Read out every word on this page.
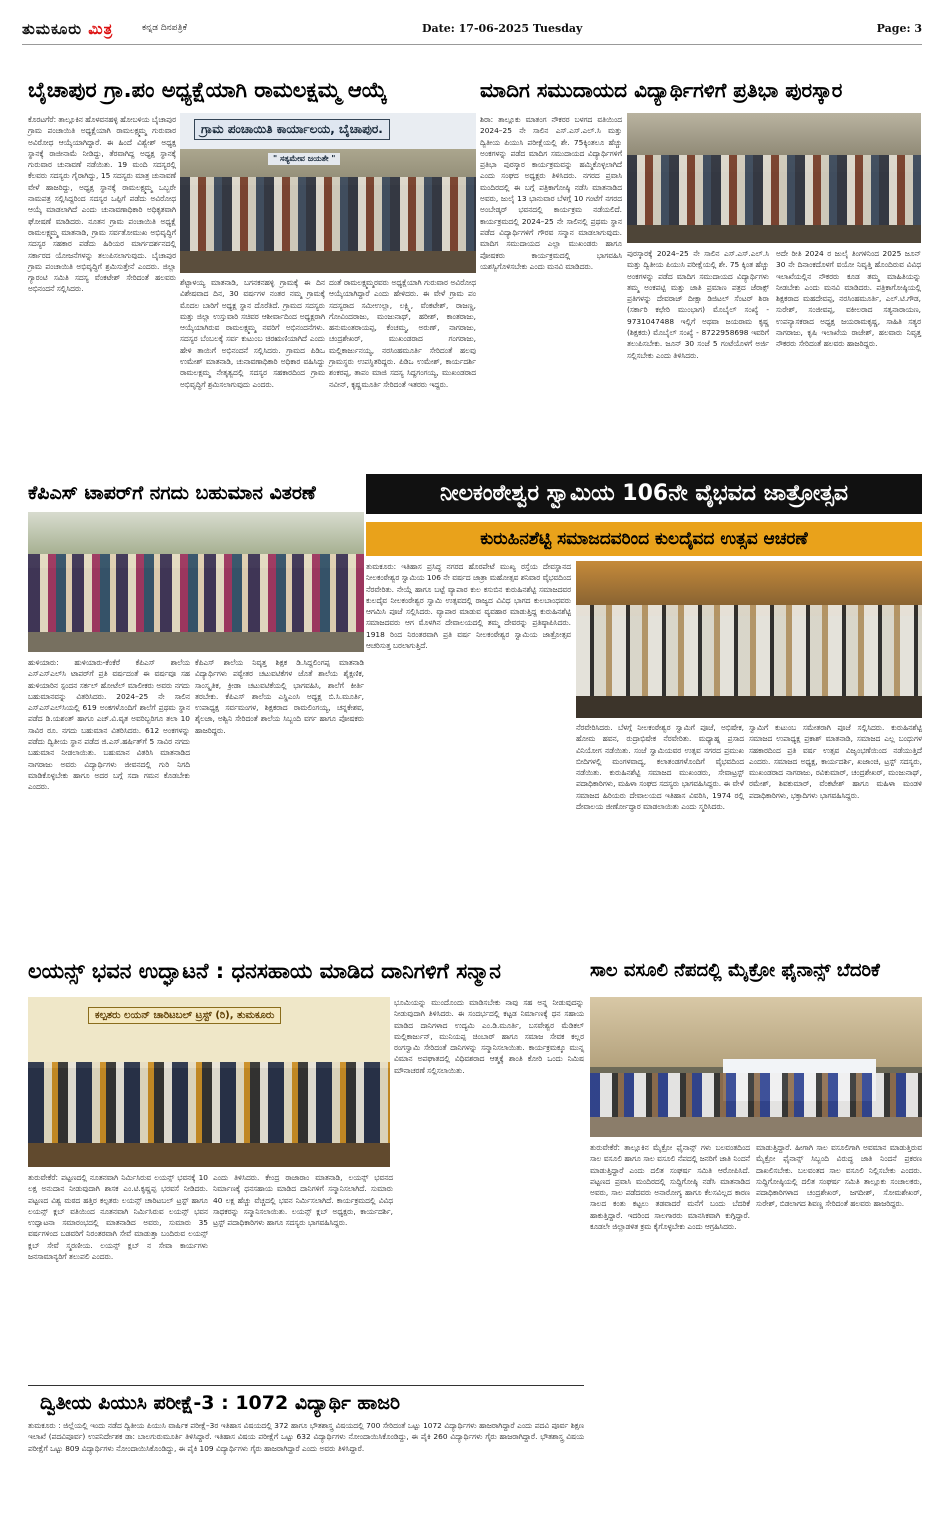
ತುಮಕೂರು ಮಿತ್ರ	ಕನ್ನಡ ದಿನಪತ್ರಿಕೆ	Date: 17-06-2025 Tuesday	Page: 3
ಬೈಚಾಪುರ ಗ್ರಾ.ಪಂ ಅಧ್ಯಕ್ಷೆಯಾಗಿ ರಾಮಲಕ್ಷಮ್ಮ ಆಯ್ಕೆ	ಮಾದಿಗ ಸಮುದಾಯದ ವಿದ್ಯಾರ್ಥಿಗಳಿಗೆ ಪ್ರತಿಭಾ ಪುರಸ್ಕಾರ
ಕೊರಟಗೆರೆ: ತಾಲ್ಲೂಕಿನ ಹೊಳವನಹಳ್ಳಿ ಹೋಬಳಿಯ ಬೈಚಾಪುರ ಗ್ರಾಮ ಪಂಚಾಯಿತಿ ಅಧ್ಯಕ್ಷೆಯಾಗಿ ರಾಮಲಕ್ಷ್ಮಮ್ಮ ಗುರುವಾರ ಅವಿರೋಧ ಆಯ್ಕೆಯಾಗಿದ್ದಾರೆ. ಈ ಹಿಂದೆ ವಿಶ್ವೇಶ್ ಅಧ್ಯಕ್ಷ ಸ್ಥಾನಕ್ಕೆ ರಾಜೀನಾಮೆ ನೀಡಿದ್ದು, ತೆರವಾಗಿದ್ದ ಅಧ್ಯಕ್ಷ ಸ್ಥಾನಕ್ಕೆ ಗುರುವಾರ ಚುನಾವಣೆ ನಡೆಯಿತು. 19 ಮಂದಿ ಸದಸ್ಯರಲ್ಲಿ ಕೆಲವರು ಸದಸ್ಯರು ಗೈರಾಗಿದ್ದು, 15 ಸದಸ್ಯರು ಮಾತ್ರ ಚುನಾವಣೆ ವೇಳೆ ಹಾಜರಿದ್ದು, ಅಧ್ಯಕ್ಷ ಸ್ಥಾನಕ್ಕೆ ರಾಮಲಕ್ಷ್ಮಮ್ಮ ಒಬ್ಬರೇ ನಾಮಪತ್ರ ಸಲ್ಲಿಸಿದ್ದರಿಂದ ಸದಸ್ಯರ ಒಪ್ಪಿಗೆ ಪಡೆದು ಅವಿರೋಧ ಆಯ್ಕೆ ಮಾಡಲಾಗಿದೆ ಎಂದು ಚುನಾವಣಾಧಿಕಾರಿ ಅಧಿಕೃತವಾಗಿ ಘೋಷಣೆ ಮಾಡಿದರು. ನೂತನ ಗ್ರಾಮ ಪಂಚಾಯಿತಿ ಅಧ್ಯಕ್ಷೆ ರಾಮಲಕ್ಷ್ಮಮ್ಮ ಮಾತನಾಡಿ, ಗ್ರಾಮ ಸರ್ವತೋಮುಖ ಅಭಿವೃದ್ಧಿಗೆ ಸದಸ್ಯರ ಸಹಕಾರ ಪಡೆದು ಹಿರಿಯರ ಮಾರ್ಗದರ್ಶನದಲ್ಲಿ ಸರ್ಕಾರದ ಯೋಜನೆಗಳನ್ನು ತಲುಪಿಸಲಾಗುವುದು. ಬೈಚಾಪುರ ಗ್ರಾಮ ಪಂಚಾಯಿತಿ ಅಭಿವೃದ್ಧಿಗೆ ಶ್ರಮಿಸುತ್ತೇನೆ ಎಂದರು. ಜಿಲ್ಲಾ ಗ್ಯಾರಂಟಿ ಸಮಿತಿ ಸದಸ್ಯ ವೆಂಕಟೇಶ್ ಸೇರಿದಂತೆ ಹಲವರು ಅಭಿನಂದನೆ ಸಲ್ಲಿಸಿದರು.
ಗ್ರಾಮ ಪಂಚಾಯಿತಿ ಕಾರ್ಯಾಲಯ, ಬೈಚಾಪುರ.
" ಸತ್ಯಮೇವ ಜಯತೇ "
ಶೆಟ್ಟಾಳಯ್ಯ ಮಾತನಾಡಿ, ಬಗನಕನಹಳ್ಳಿ ಗ್ರಾಮಕ್ಕೆ ಈ ದಿನ ವಿಶೇಷವಾದ ದಿನ, 30 ವರ್ಷಗಳ ನಂತರ ನಮ್ಮ ಗ್ರಾಮಕ್ಕೆ ಮೊದಲ ಬಾರಿಗೆ ಅಧ್ಯಕ್ಷ ಸ್ಥಾನ ದೊರೆತಿದೆ. ಗ್ರಾಮದ ಸದಸ್ಯರು ಮತ್ತು ಜಿಲ್ಲಾ ಉಸ್ತುವಾರಿ ಸಚಿವರ ಆಶೀರ್ವಾದಿಂದ ಅಧ್ಯಕ್ಷರಾಗಿ ಆಯ್ಕೆಯಾಗಿರುವ ರಾಮಲಕ್ಷ್ಮಮ್ಮ ನವರಿಗೆ ಅಭಿನಂದನೆಗಳು. ಸದಸ್ಯರ ಬೆಂಬಲಕ್ಕೆ ಸರ್ವ ಕುಟುಂಬ ಚಿರಋಣಿಯಾಗಿದೆ ಎಂದು ಹೇಳಿ ತಾಯಿಗೆ ಅಭಿನಂದನೆ ಸಲ್ಲಿಸಿದರು. ಗ್ರಾಮದ ಪಿಡಿಒ ಉಮೇಶ್ ಮಾತನಾಡಿ, ಚುನಾವಣಾಧಿಕಾರಿ ಅಧಿಕಾರ ವಹಿಸಿದ್ದು ರಾಮಲಕ್ಷಮ್ಮ ನೇತೃತ್ವದಲ್ಲಿ ಸದಸ್ಯರ ಸಹಕಾರದಿಂದ ಗ್ರಾಮ ಅಭಿವೃದ್ಧಿಗೆ ಶ್ರಮಿಸಲಾಗುವುದು ಎಂದರು.
ದಂತೆ ರಾಮಲಕ್ಷ್ಮಮ್ಮರವರು ಅಧ್ಯಕ್ಷೆಯಾಗಿ ಗುರುವಾರ ಅವಿರೋಧ ಆಯ್ಕೆಯಾಗಿದ್ದಾರೆ ಎಂದು ಹೇಳಿದರು. ಈ ವೇಳೆ ಗ್ರಾಮ ಪಂ ಸದಸ್ಯರಾದ ಸಮೀಉಲ್ಲಾ, ಲಕ್ಷ್ಮಿ, ವೆಂಕಟೇಶ್, ರಾಜಣ್ಣ, ಗೋವಿಂದರಾಜು, ಮಂಜುನಾಥ್, ಹರೀಶ್, ಕಾಂತರಾಜು, ಹನುಮಂತರಾಯಪ್ಪ, ಕೆಂಚಮ್ಮ, ಅರುಣ್, ನಾಗರಾಜು, ಚಂದ್ರಶೇಖರ್, ಮುಖಂಡರಾದ ಗಂಗರಾಜು, ಮಲ್ಲಿಕಾರ್ಜುನಯ್ಯ, ನರಸಿಂಹಮೂರ್ತಿ ಸೇರಿದಂತೆ ಹಲವು ಗ್ರಾಮಸ್ಥರು ಉಪಸ್ಥಿತರಿದ್ದರು. ಪಿಡಿಒ ಉಮೇಶ್, ಕಾರ್ಯದರ್ಶಿ ಶಂಕರಪ್ಪ, ತಾಪಂ ಮಾಜಿ ಸದಸ್ಯ ಸಿದ್ದಗಂಗಯ್ಯ, ಮುಖಂಡರಾದ ನವೀನ್, ಕೃಷ್ಣಮೂರ್ತಿ ಸೇರಿದಂತೆ ಇತರರು ಇದ್ದರು.
ಶಿರಾ: ತಾಲ್ಲೂಕು ಮಾತಂಗ ನೌಕರರ ಬಳಗದ ವತಿಯಿಂದ 2024–25 ನೇ ಸಾಲಿನ ಎಸ್.ಎಸ್.ಎಲ್.ಸಿ ಮತ್ತು ದ್ವಿತೀಯ ಪಿಯುಸಿ ಪರೀಕ್ಷೆಯಲ್ಲಿ ಶೇ. 75ಕ್ಕಿಂತಲೂ ಹೆಚ್ಚು ಅಂಕಗಳನ್ನು ಪಡೆದ ಮಾದಿಗ ಸಮುದಾಯದ ವಿದ್ಯಾರ್ಥಿಗಳಿಗೆ ಪ್ರತಿಭಾ ಪುರಸ್ಕಾರ ಕಾರ್ಯಕ್ರಮವನ್ನು ಹಮ್ಮಿಕೊಳ್ಳಲಾಗಿದೆ ಎಂದು ಸಂಘದ ಅಧ್ಯಕ್ಷರು ತಿಳಿಸಿದರು. ನಗರದ ಪ್ರವಾಸಿ ಮಂದಿರದಲ್ಲಿ ಈ ಬಗ್ಗೆ ಪತ್ರಿಕಾಗೋಷ್ಠಿ ನಡೆಸಿ ಮಾತನಾಡಿದ ಅವರು, ಜುಲೈ 13 ಭಾನುವಾರ ಬೆಳಗ್ಗೆ 10 ಗಂಟೆಗೆ ನಗರದ ಅಂಬೇಡ್ಕರ್ ಭವನದಲ್ಲಿ ಕಾರ್ಯಕ್ರಮ ನಡೆಯಲಿದೆ. ಕಾರ್ಯಕ್ರಮದಲ್ಲಿ 2024–25 ನೇ ಸಾಲಿನಲ್ಲಿ ಪ್ರಥಮ ಸ್ಥಾನ ಪಡೆದ ವಿದ್ಯಾರ್ಥಿಗಳಿಗೆ ಗೌರವ ಸನ್ಮಾನ ಮಾಡಲಾಗುವುದು. ಮಾದಿಗ ಸಮುದಾಯದ ಎಲ್ಲಾ ಮುಖಂಡರು ಹಾಗೂ ಪೋಷಕರು ಕಾರ್ಯಕ್ರಮದಲ್ಲಿ ಭಾಗವಹಿಸಿ ಯಶಸ್ವಿಗೊಳಿಸಬೇಕು ಎಂದು ಮನವಿ ಮಾಡಿದರು.
ಪುರಸ್ಕಾರಕ್ಕೆ 2024–25 ನೇ ಸಾಲಿನ ಎಸ್.ಎಸ್.ಎಲ್.ಸಿ ಮತ್ತು ದ್ವಿತೀಯ ಪಿಯುಸಿ ಪರೀಕ್ಷೆಯಲ್ಲಿ ಶೇ. 75 ಕ್ಕಿಂತ ಹೆಚ್ಚು ಅಂಕಗಳನ್ನು ಪಡೆದ ಮಾದಿಗ ಸಮುದಾಯದ ವಿದ್ಯಾರ್ಥಿಗಳು ತಮ್ಮ ಅಂಕಪಟ್ಟಿ ಮತ್ತು ಜಾತಿ ಪ್ರಮಾಣ ಪತ್ರದ ಜೆರಾಕ್ಸ್ ಪ್ರತಿಗಳನ್ನು ದೇವರಾಜ್ ದೀಕ್ಷಾ ಡಿಜಿಟಲ್ ಸೆಂಟರ್ ಶಿರಾ (ಸರ್ಕಾರಿ ಕಛೇರಿ ಮುಂಭಾಗ) ಮೊಬೈಲ್ ಸಂಖ್ಯೆ - 9731047488 ಇಲ್ಲಿಗೆ ಅಥವಾ ಜಯರಾಮ ಕೃಷ್ಣ (ಶಿಕ್ಷಕರು) ಮೊಬೈಲ್ ಸಂಖ್ಯೆ - 8722958698 ಇವರಿಗೆ ತಲುಪಿಸಬೇಕು. ಜೂನ್ 30 ಸಂಜೆ 5 ಗಂಟೆಯೊಳಗೆ ಅರ್ಜಿ ಸಲ್ಲಿಸಬೇಕು ಎಂದು ತಿಳಿಸಿದರು.
ಅದೇ ರೀತಿ 2024 ರ ಜುಲೈ ತಿಂಗಳಿನಿಂದ 2025 ಜೂನ್ 30 ನೇ ದಿನಾಂಕದೊಳಗೆ ವಯೋ ನಿವೃತ್ತಿ ಹೊಂದಿರುವ ವಿವಿಧ ಇಲಾಖೆಯಲ್ಲಿನ ನೌಕರರು ಕೂಡ ತಮ್ಮ ಮಾಹಿತಿಯನ್ನು ನೀಡಬೇಕು ಎಂದು ಮನವಿ ಮಾಡಿದರು. ಪತ್ರಿಕಾಗೋಷ್ಠಿಯಲ್ಲಿ ಶಿಕ್ಷಕರಾದ ಮಹದೇವಪ್ಪ, ನರಸಿಂಹಮೂರ್ತಿ, ಎಲ್.ಟಿ.ಗೌಡ, ಸುರೇಶ್, ಸಂಜೀವಪ್ಪ, ವಕೀಲರಾದ ಸತ್ಯನಾರಾಯಣ, ಉಪನ್ಯಾಸಕರಾದ ಅಧ್ಯಕ್ಷ ಜಯರಾಮಕೃಷ್ಣ, ಸಾಹಿತಿ ಸತ್ಯರ ನಾಗರಾಜು, ಕೃಷಿ ಇಲಾಖೆಯ ರಾಜೇಶ್, ಹಲವಾರು ನಿವೃತ್ತ ನೌಕರರು ಸೇರಿದಂತೆ ಹಲವರು ಹಾಜರಿದ್ದರು.
ಕೆಪಿಎಸ್ ಟಾಪರ್‌ಗೆ ನಗದು ಬಹುಮಾನ ವಿತರಣೆ	ನೀಲಕಂಠೇಶ್ವರ ಸ್ವಾಮಿಯ 106ನೇ ವೈಭವದ ಜಾತ್ರೋತ್ಸವ
ಕುರುಹಿನಶೆಟ್ಟಿ ಸಮಾಜದವರಿಂದ ಕುಲದೈವದ ಉತ್ಸವ ಆಚರಣೆ
ಹುಳಿಯಾರು: ಹುಳಿಯಾರು-ಕೆಂಕೆರೆ ಕೆಪಿಎಸ್ ಶಾಲೆಯ ಎಸ್ಎಸ್ಎಲ್‌ಸಿ ಟಾಪರ್‌ಗೆ ಪ್ರತಿ ವರ್ಷದಂತೆ ಈ ವರ್ಷವೂ ಸಹ ಹುಳಿಯಾರಿನ ಸ್ಪಂದನ ಸರ್ಕಲ್ ಹೋಟೆಲ್ ಮಾಲೀಕರು ಅವರು ನಗದು ಬಹುಮಾನವನ್ನು ವಿತರಿಸಿದರು. 2024–25 ನೇ ಸಾಲಿನ ಎಸ್ಎಸ್ಎಲ್‌ಸಿಯಲ್ಲಿ 619 ಅಂಕಗಳೊಂದಿಗೆ ಶಾಲೆಗೆ ಪ್ರಥಮ ಸ್ಥಾನ ಪಡೆದ ಡಿ.ಯಶಂತ್ ಹಾಗೂ ಎಚ್.ವಿ.ವೃತ ಅವರಿಬ್ಬರಿಗೂ ತಲಾ 10 ಸಾವಿರ ರೂ. ನಗದು ಬಹುಮಾನ ವಿತರಿಸಿದರು. 612 ಅಂಕಗಳನ್ನು ಪಡೆದು ದ್ವಿತೀಯ ಸ್ಥಾನ ಪಡೆದ ಜಿ.ಎಸ್.ಹರ್ಷಿತ್‌ಗೆ 5 ಸಾವಿರ ನಗದು ಬಹುಮಾನ ನೀಡಲಾಯಿತು. ಬಹುಮಾನ ವಿತರಿಸಿ ಮಾತನಾಡಿದ ನಾಗರಾಜು ಅವರು ವಿದ್ಯಾರ್ಥಿಗಳು ಜೀವನದಲ್ಲಿ ಗುರಿ ನಿಗದಿ ಮಾಡಿಕೊಳ್ಳಬೇಕು ಹಾಗೂ ಅದರ ಬಗ್ಗೆ ಸದಾ ಗಮನ ಕೊಡಬೇಕು ಎಂದರು.
ಕೆಪಿಎಸ್ ಶಾಲೆಯ ನಿವೃತ್ತ ಶಿಕ್ಷಕ ಡಿ.ಸಿದ್ದಲಿಂಗಪ್ಪ ಮಾತನಾಡಿ ವಿದ್ಯಾರ್ಥಿಗಳು ಪಠ್ಯೇತರ ಚಟುವಟಿಕೆಗಳ ಜೊತೆ ಶಾಲೆಯ ಶೈಕ್ಷಣಿಕ, ಸಾಂಸ್ಕೃತಿಕ, ಕ್ರೀಡಾ ಚಟುವಟಿಕೆಯಲ್ಲಿ ಭಾಗವಹಿಸಿ, ಶಾಲೆಗೆ ಕೀರ್ತಿ ತರಬೇಕು. ಕೆಪಿಎಸ್ ಶಾಲೆಯ ಎಸ್ಡಿಎಂಸಿ ಅಧ್ಯಕ್ಷ ಬಿ.ಸಿ.ಮೂರ್ತಿ, ಉಪಾಧ್ಯಕ್ಷ ಸರ್ವಮಂಗಳ, ಶಿಕ್ಷಕರಾದ ರಾಮಲಿಂಗಯ್ಯ, ಚನ್ನಕೇಶವ, ಶೈಲಜಾ, ಅಶ್ವಿನಿ ಸೇರಿದಂತೆ ಶಾಲೆಯ ಸಿಬ್ಬಂದಿ ವರ್ಗ ಹಾಗೂ ಪೋಷಕರು ಹಾಜರಿದ್ದರು.
ತುಮಕೂರು: ಇತಿಹಾಸ ಪ್ರಸಿದ್ಧ ನಗರದ ಹೊರಪೇಟೆ ಮುಖ್ಯ ರಸ್ತೆಯ ದೇವಸ್ಥಾನದ ನೀಲಕಂಠೇಶ್ವರ ಸ್ವಾಮಿಯ 106 ನೇ ವರ್ಷದ ಜಾತ್ರಾ ಮಹೋತ್ಸವ ಶನಿವಾರ ವೈಭವದಿಂದ ನೆರವೇರಿತು. ನೇಯ್ಗೆ ಹಾಗೂ ಬಟ್ಟೆ ವ್ಯಾಪಾರ ಕುಲ ಕಸುಬಿನ ಕುರುಹಿನಶೆಟ್ಟಿ ಸಮಾಜದವರ ಕುಲದೈವ ನೀಲಕಂಠೇಶ್ವರ ಸ್ವಾಮಿ ಉತ್ಸವದಲ್ಲಿ ರಾಜ್ಯದ ವಿವಿಧ ಭಾಗದ ಕುಲಬಾಂಧವರು ಆಗಮಿಸಿ ಪೂಜೆ ಸಲ್ಲಿಸಿದರು. ವ್ಯಾಪಾರ ಮಾಡುವ ವ್ಯವಹಾರ ಮಾಡುತ್ತಿದ್ದ ಕುರುಹಿನಶೆಟ್ಟಿ ಸಮಾಜದವರು ಆಗ ಮೊಳಗಿನ ದೇವಾಲಯದಲ್ಲಿ ತಮ್ಮ ದೇವರನ್ನು ಪ್ರತಿಷ್ಠಾಪಿಸಿದರು. 1918 ರಿಂದ ನಿರಂತರವಾಗಿ ಪ್ರತಿ ವರ್ಷ ನೀಲಕಂಠೇಶ್ವರ ಸ್ವಾಮಿಯ ಜಾತ್ರೋತ್ಸವ ಆಚರಿಸುತ್ತ ಬರಲಾಗುತ್ತಿದೆ.
ನೆರವೇರಿಸಿದರು. ಬೆಳಗ್ಗೆ ನೀಲಕಂಠೇಶ್ವರ ಸ್ವಾಮಿಗೆ ಪೂಜೆ, ಅಭಿಷೇಕ, ಹೋಮ ಹವನ, ರುದ್ರಾಭಿಷೇಕ ನೆರವೇರಿತು. ಮಧ್ಯಾಹ್ನ ಪ್ರಸಾದ ವಿನಿಯೋಗ ನಡೆಯಿತು. ಸಂಜೆ ಸ್ವಾಮಿಯವರ ಉತ್ಸವ ನಗರದ ಪ್ರಮುಖ ಬೀದಿಗಳಲ್ಲಿ ಮಂಗಳವಾದ್ಯ, ಕಲಾತಂಡಗಳೊಂದಿಗೆ ವೈಭವದಿಂದ ನಡೆಯಿತು. ಕುರುಹಿನಶೆಟ್ಟಿ ಸಮಾಜದ ಮುಖಂಡರು, ಸೇವಾಟ್ರಸ್ಟ್ ಪದಾಧಿಕಾರಿಗಳು, ಮಹಿಳಾ ಸಂಘದ ಸದಸ್ಯರು ಭಾಗವಹಿಸಿದ್ದರು. ಈ ವೇಳೆ ಸಮಾಜದ ಹಿರಿಯರು ದೇವಾಲಯದ ಇತಿಹಾಸ ವಿವರಿಸಿ, 1974 ರಲ್ಲಿ ದೇವಾಲಯ ಜೀರ್ಣೋದ್ಧಾರ ಮಾಡಲಾಯಿತು ಎಂದು ಸ್ಮರಿಸಿದರು.
ಸ್ವಾಮಿಗೆ ಕುಟುಂಬ ಸಮೇತರಾಗಿ ಪೂಜೆ ಸಲ್ಲಿಸಿದರು. ಕುರುಹಿನಶೆಟ್ಟಿ ಸಮಾಜದ ಉಪಾಧ್ಯಕ್ಷ ಪ್ರಕಾಶ್ ಮಾತನಾಡಿ, ಸಮಾಜದ ಎಲ್ಲ ಬಂಧುಗಳ ಸಹಕಾರದಿಂದ ಪ್ರತಿ ವರ್ಷ ಉತ್ಸವ ವಿಜೃಂಭಣೆಯಿಂದ ನಡೆಯುತ್ತಿದೆ ಎಂದರು. ಸಮಾಜದ ಅಧ್ಯಕ್ಷ, ಕಾರ್ಯದರ್ಶಿ, ಖಜಾಂಚಿ, ಟ್ರಸ್ಟ್ ಸದಸ್ಯರು, ಮುಖಂಡರಾದ ನಾಗರಾಜು, ರವಿಕುಮಾರ್, ಚಂದ್ರಶೇಖರ್, ಮಂಜುನಾಥ್, ರಮೇಶ್, ಶಿವಕುಮಾರ್, ವೆಂಕಟೇಶ್ ಹಾಗೂ ಮಹಿಳಾ ಮಂಡಳಿ ಪದಾಧಿಕಾರಿಗಳು, ಭಕ್ತಾದಿಗಳು ಭಾಗವಹಿಸಿದ್ದರು.
ಲಯನ್ಸ್ ಭವನ ಉದ್ಘಾಟನೆ : ಧನಸಹಾಯ ಮಾಡಿದ ದಾನಿಗಳಿಗೆ ಸನ್ಮಾನ	ಸಾಲ ವಸೂಲಿ ನೆಪದಲ್ಲಿ ಮೈಕ್ರೋ ಫೈನಾನ್ಸ್ ಬೆದರಿಕೆ
ಕಲ್ಪತರು ಲಯನ್ ಚಾರಿಟಬಲ್ ಟ್ರಸ್ಟ್ (ರಿ), ತುಮಕೂರು
ಭೂಮಿಯನ್ನು ಮುಂದೊಂದು ಮಾಡಿಸಬೇಕು ನಾವು ಸಹ ಅನ್ನ ನೀಡುವುದನ್ನು ನೀಡುವುದಾಗಿ ತಿಳಿಸಿದರು. ಈ ಸಂದರ್ಭದಲ್ಲಿ ಕಟ್ಟಡ ನಿರ್ಮಾಣಕ್ಕೆ ಧನ ಸಹಾಯ ಮಾಡಿದ ದಾನಿಗಳಾದ ಉದ್ಯಮಿ ಎಂ.ಡಿ.ಮೂರ್ತಿ, ಬಸವೇಶ್ವರ ಮೆಡಿಕಲ್ ಮಲ್ಲಿಕಾರ್ಜುನ್, ಮುನಿಯಪ್ಪ ಚಿಂಬಾರ್ ಹಾಗೂ ಸಮಾಜ ಸೇವಕ ಕಲ್ಲರ ರಂಗಸ್ವಾಮಿ ಸೇರಿದಂತೆ ದಾನಿಗಳನ್ನು ಸನ್ಮಾನಿಸಲಾಯಿತು. ಕಾರ್ಯಕ್ರಮಕ್ಕೂ ಮುನ್ನ ವಿಮಾನ ಅಪಘಾತದಲ್ಲಿ ವಿಧಿವಶರಾದ ಆತ್ಮಕ್ಕೆ ಶಾಂತಿ ಕೋರಿ ಒಂದು ನಿಮಿಷ ಮೌನಾಚರಣೆ ಸಲ್ಲಿಸಲಾಯಿತು.
ತುರುವೇಕೆರೆ: ಪಟ್ಟಣದಲ್ಲಿ ನೂತನವಾಗಿ ನಿರ್ಮಿಸಿರುವ ಲಯನ್ಸ್ ಭವನಕ್ಕೆ 10 ಲಕ್ಷ ಅನುದಾನ ನೀಡುವುದಾಗಿ ಶಾಸಕ ಎಂ.ಟಿ.ಕೃಷ್ಣಪ್ಪ ಭರವಸೆ ನೀಡಿದರು. ಪಟ್ಟಣದ ವಿಶ್ವ ಮಠದ ಹತ್ತಿರ ಕಲ್ಪತರು ಲಯನ್ಸ್ ಚಾರಿಟಬಲ್ ಟ್ರಸ್ಟ್ ಹಾಗೂ ಲಯನ್ಸ್ ಕ್ಲಬ್ ವತಿಯಿಂದ ನೂತನವಾಗಿ ನಿರ್ಮಿಸಿರುವ ಲಯನ್ಸ್ ಭವನ ಉದ್ಘಾಟನಾ ಸಮಾರಂಭದಲ್ಲಿ ಮಾತನಾಡಿದ ಅವರು, ಸುಮಾರು 35 ವರ್ಷಗಳಿಂದ ಬಡವರಿಗೆ ನಿರಂತರವಾಗಿ ಸೇವೆ ಮಾಡುತ್ತಾ ಬಂದಿರುವ ಲಯನ್ಸ್ ಕ್ಲಬ್ ಸೇವೆ ಸ್ಮರಣೀಯ. ಲಯನ್ಸ್ ಕ್ಲಬ್ ನ ಸೇವಾ ಕಾರ್ಯಗಳು ಜನಸಾಮಾನ್ಯರಿಗೆ ತಲುಪಲಿ ಎಂದರು.
ಎಂದು ತಿಳಿಸಿದರು. ಕೇಂದ್ರ ರಾಜಾರಾಂ ಮಾತನಾಡಿ, ಲಯನ್ಸ್ ಭವನದ ನಿರ್ಮಾಣಕ್ಕೆ ಧನಸಹಾಯ ಮಾಡಿದ ದಾನಿಗಳಿಗೆ ಸನ್ಮಾನಿಸಲಾಗಿದೆ. ಸುಮಾರು 40 ಲಕ್ಷ ಹೆಚ್ಚು ವೆಚ್ಚದಲ್ಲಿ ಭವನ ನಿರ್ಮಿಸಲಾಗಿದೆ. ಕಾರ್ಯಕ್ರಮದಲ್ಲಿ ವಿವಿಧ ಸಾಧಕರನ್ನು ಸನ್ಮಾನಿಸಲಾಯಿತು. ಲಯನ್ಸ್ ಕ್ಲಬ್ ಅಧ್ಯಕ್ಷರು, ಕಾರ್ಯದರ್ಶಿ, ಟ್ರಸ್ಟ್ ಪದಾಧಿಕಾರಿಗಳು ಹಾಗೂ ಸದಸ್ಯರು ಭಾಗವಹಿಸಿದ್ದರು.
ತುರುವೇಕೆರೆ: ತಾಲ್ಲೂಕಿನ ಮೈಕ್ರೋ ಫೈನಾನ್ಸ್ ಗಳು ಬಲವಂತದಿಂದ ಸಾಲ ವಸೂಲಿ ಹಾಗೂ ಸಾಲ ವಸೂಲಿ ನೆಪದಲ್ಲಿ ಜನರಿಗೆ ಜಾತಿ ನಿಂದನೆ ಮಾಡುತ್ತಿದ್ದಾರೆ ಎಂದು ದಲಿತ ಸಂಘರ್ಷ ಸಮಿತಿ ಆರೋಪಿಸಿದೆ. ಪಟ್ಟಣದ ಪ್ರವಾಸಿ ಮಂದಿರದಲ್ಲಿ ಸುದ್ದಿಗೋಷ್ಠಿ ನಡೆಸಿ ಮಾತನಾಡಿದ ಅವರು, ಸಾಲ ಪಡೆದವರು ಅನಾರೋಗ್ಯ ಹಾಗೂ ಕೆಲಸವಿಲ್ಲದ ಕಾರಣ ಸಾಲದ ಕಂತು ಕಟ್ಟಲು ತಡವಾದರೆ ಮನೆಗೆ ಬಂದು ಬೆದರಿಕೆ ಹಾಕುತ್ತಿದ್ದಾರೆ. ಇದರಿಂದ ಸಾಲಗಾರರು ಮಾನಸಿಕವಾಗಿ ಕುಗ್ಗಿದ್ದಾರೆ. ಕೂಡಲೇ ಜಿಲ್ಲಾಡಳಿತ ಕ್ರಮ ಕೈಗೊಳ್ಳಬೇಕು ಎಂದು ಆಗ್ರಹಿಸಿದರು.
ಮಾಡುತ್ತಿದ್ದಾರೆ. ಹೀಗಾಗಿ ಸಾಲ ವಸೂಲಿಗಾಗಿ ಅವಮಾನ ಮಾಡುತ್ತಿರುವ ಮೈಕ್ರೋ ಫೈನಾನ್ಸ್ ಸಿಬ್ಬಂದಿ ವಿರುದ್ಧ ಜಾತಿ ನಿಂದನೆ ಪ್ರಕರಣ ದಾಖಲಿಸಬೇಕು. ಬಲವಂತದ ಸಾಲ ವಸೂಲಿ ನಿಲ್ಲಿಸಬೇಕು ಎಂದರು. ಸುದ್ದಿಗೋಷ್ಠಿಯಲ್ಲಿ ದಲಿತ ಸಂಘರ್ಷ ಸಮಿತಿ ತಾಲ್ಲೂಕು ಸಂಚಾಲಕರು, ಪದಾಧಿಕಾರಿಗಳಾದ ಚಂದ್ರಶೇಖರ್, ಜಗದೀಶ್, ಸೋಮಶೇಖರ್, ಸುರೇಶ್, ಬಿಡಲಾಗದ ಶಿವಣ್ಣ ಸೇರಿದಂತೆ ಹಲವರು ಹಾಜರಿದ್ದರು.
ದ್ವಿತೀಯ ಪಿಯುಸಿ ಪರೀಕ್ಷೆ-3 : 1072 ವಿದ್ಯಾರ್ಥಿ ಹಾಜರಿ
ತುಮಕೂರು : ಜಿಲ್ಲೆಯಲ್ಲಿ ಇಂದು ನಡೆದ ದ್ವಿತೀಯ ಪಿಯುಸಿ ವಾರ್ಷಿಕ ಪರೀಕ್ಷೆ–3ರ ಇತಿಹಾಸ ವಿಷಯದಲ್ಲಿ 372 ಹಾಗೂ ಭೌತಶಾಸ್ತ್ರ ವಿಷಯದಲ್ಲಿ 700 ಸೇರಿದಂತೆ ಒಟ್ಟು 1072 ವಿದ್ಯಾರ್ಥಿಗಳು ಹಾಜರಾಗಿದ್ದಾರೆ ಎಂದು ಪದವಿ ಪೂರ್ವ ಶಿಕ್ಷಣ ಇಲಾಖೆ (ಪದವಿಪೂರ್ವ) ಉಪನಿರ್ದೇಶಕ ಡಾ: ಬಾಲಗುರುಮೂರ್ತಿ ತಿಳಿಸಿದ್ದಾರೆ. ಇತಿಹಾಸ ವಿಷಯ ಪರೀಕ್ಷೆಗೆ ಒಟ್ಟು 632 ವಿದ್ಯಾರ್ಥಿಗಳು ನೋಂದಾಯಿಸಿಕೊಂಡಿದ್ದು, ಈ ಪೈಕಿ 260 ವಿದ್ಯಾರ್ಥಿಗಳು ಗೈರು ಹಾಜರಾಗಿದ್ದಾರೆ. ಭೌತಶಾಸ್ತ್ರ ವಿಷಯ ಪರೀಕ್ಷೆಗೆ ಒಟ್ಟು 809 ವಿದ್ಯಾರ್ಥಿಗಳು ನೋಂದಾಯಿಸಿಕೊಂಡಿದ್ದು, ಈ ಪೈಕಿ 109 ವಿದ್ಯಾರ್ಥಿಗಳು ಗೈರು ಹಾಜರಾಗಿದ್ದಾರೆ ಎಂದು ಅವರು ತಿಳಿಸಿದ್ದಾರೆ.
